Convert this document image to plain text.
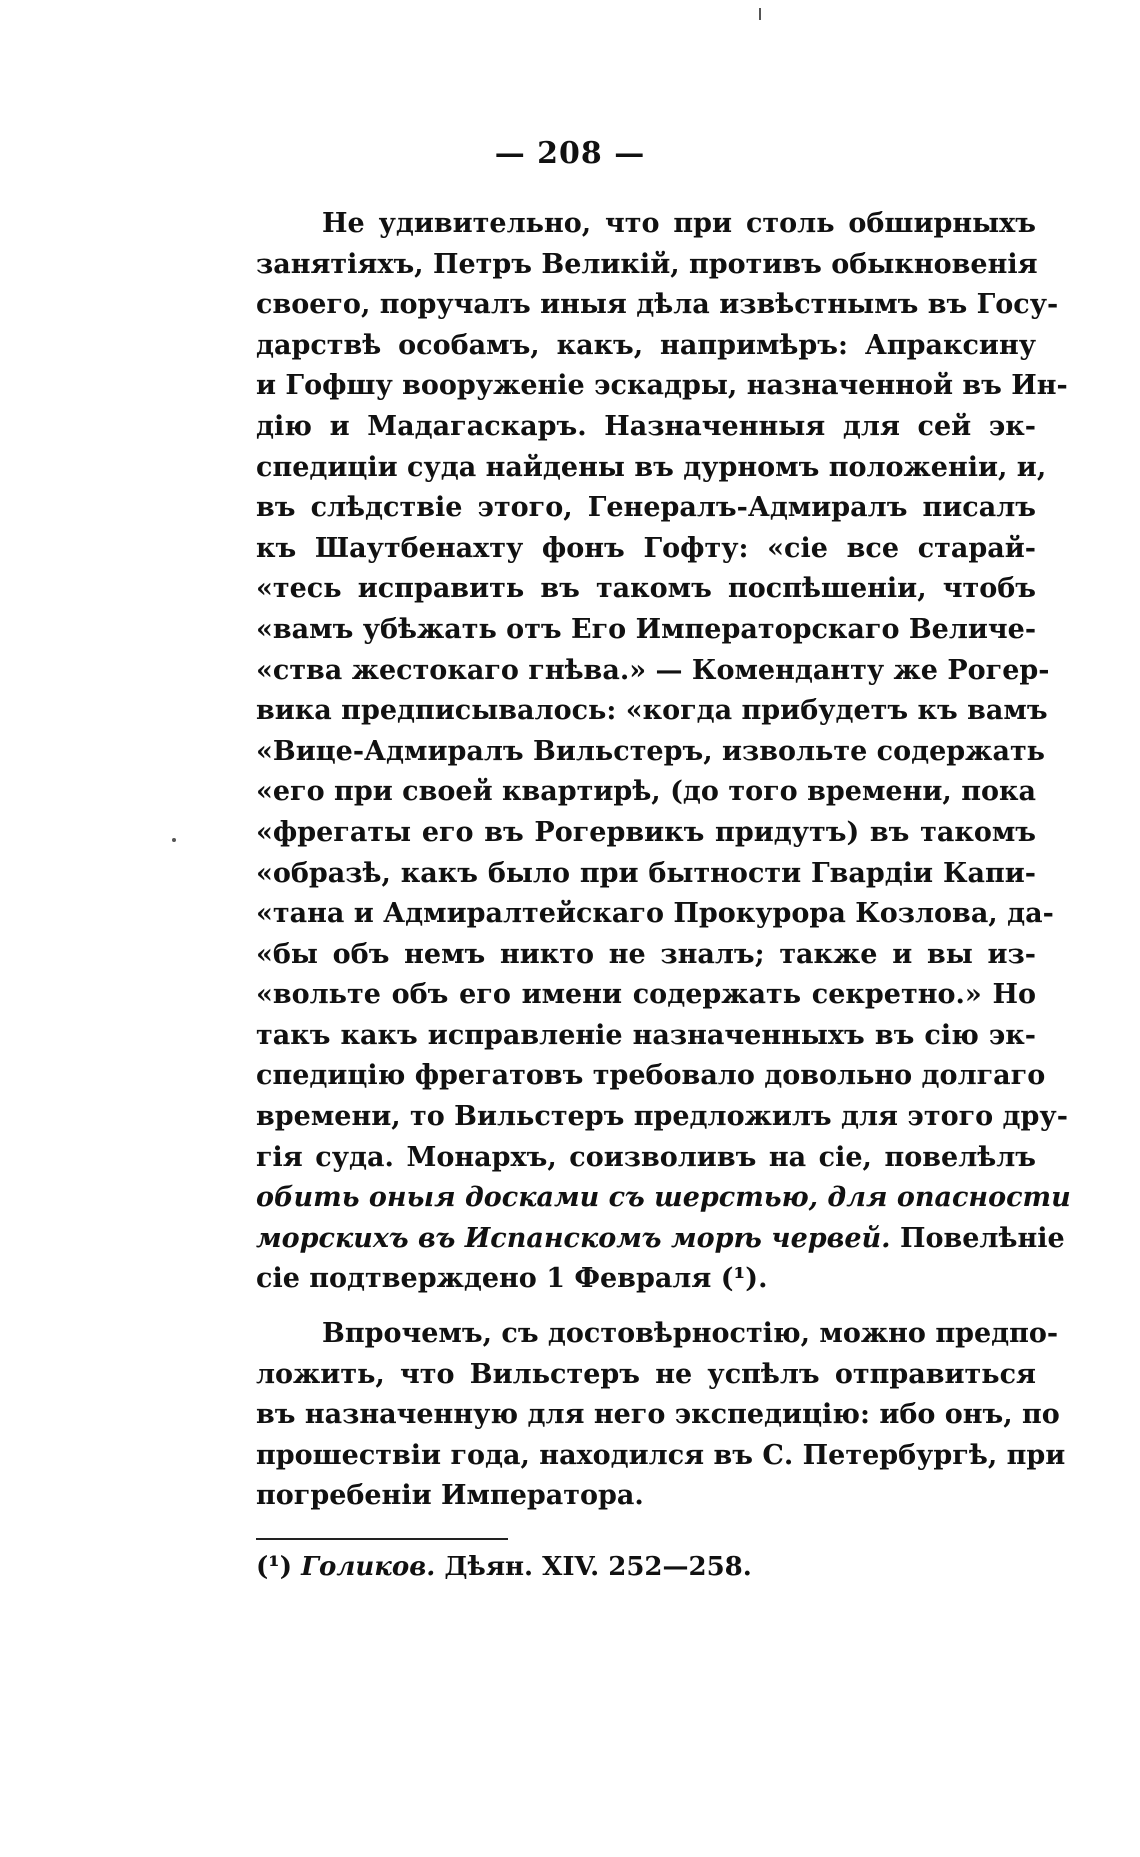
— 208 —
Не удивительно, что при столь обширныхъ
занятіяхъ, Петръ Великій, противъ обыкновенія
своего, поручалъ иныя дѣла извѣстнымъ въ Госу-
дарствѣ особамъ, какъ, напримѣръ: Апраксину
и Гофшу вооруженіе эскадры, назначенной въ Ин-
дію и Мадагаскаръ. Назначенныя для сей эк-
спедиціи суда найдены въ дурномъ положеніи, и,
въ слѣдствіе этого, Генералъ-Адмиралъ писалъ
къ Шаутбенахту фонъ Гофту: «сіе все старай-
«тесь исправить въ такомъ поспѣшеніи, чтобъ
«вамъ убѣжать отъ Его Императорскаго Величе-
«ства жестокаго гнѣва.» — Коменданту же Рогер-
вика предписывалось: «когда прибудетъ къ вамъ
«Вице-Адмиралъ Вильстеръ, извольте содержать
«его при своей квартирѣ, (до того времени, пока
«фрегаты его въ Рогервикъ придутъ) въ такомъ
«образѣ, какъ было при бытности Гвардіи Капи-
«тана и Адмиралтейскаго Прокурора Козлова, да-
«бы объ немъ никто не зналъ; также и вы из-
«вольте объ его имени содержать секретно.» Но
такъ какъ исправленіе назначенныхъ въ сію эк-
спедицію фрегатовъ требовало довольно долгаго
времени, то Вильстеръ предложилъ для этого дру-
гія суда. Монархъ, соизволивъ на сіе, повелѣлъ
обить оныя досками съ шерстью, для опасности
морскихъ въ Испанскомъ морѣ червей. Повелѣніе
сіе подтверждено 1 Февраля (¹).
Впрочемъ, съ достовѣрностію, можно предпо-
ложить, что Вильстеръ не успѣлъ отправиться
въ назначенную для него экспедицію: ибо онъ, по
прошествіи года, находился въ С. Петербургѣ, при
погребеніи Императора.
(¹) Голиков. Дѣян. XIV. 252—258.
